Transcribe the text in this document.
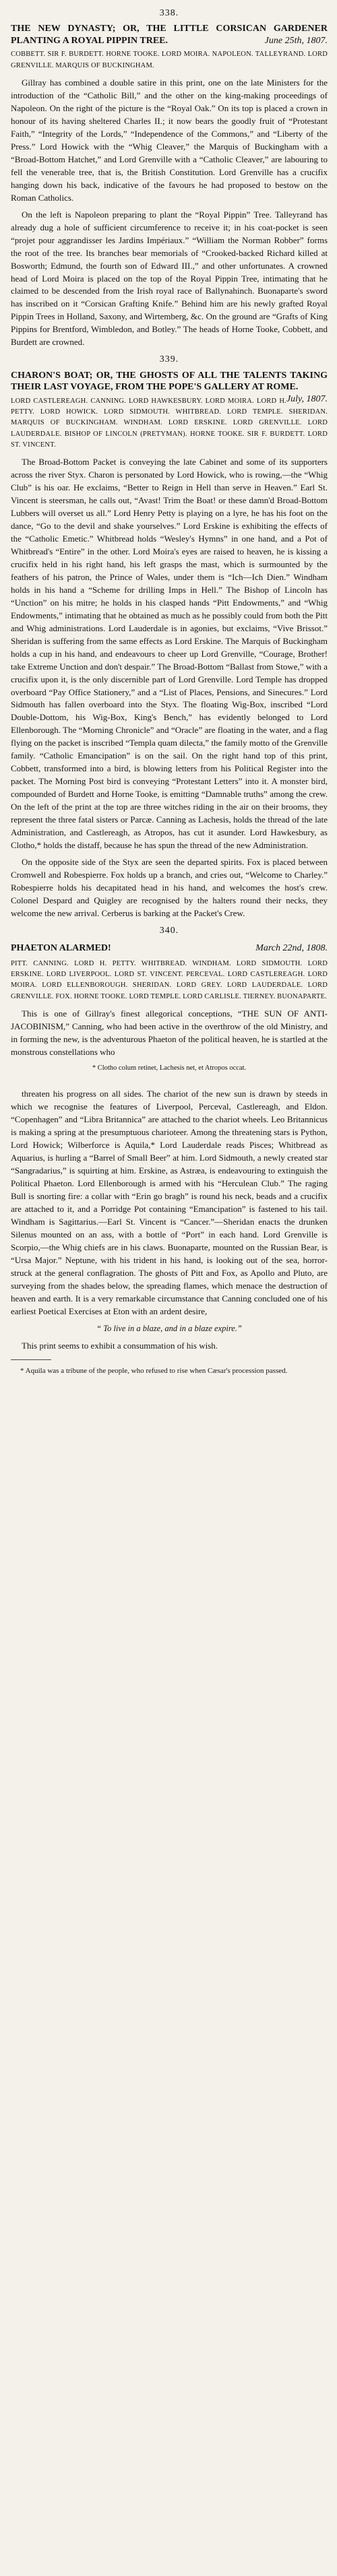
338.
THE NEW DYNASTY; OR, THE LITTLE CORSICAN GARDENER PLANTING A ROYAL PIPPIN TREE.	June 25th, 1807.
COBBETT. SIR F. BURDETT. HORNE TOOKE. LORD MOIRA. NAPOLEON. TALLEYRAND. LORD GRENVILLE. MARQUIS OF BUCKINGHAM.

Gillray has combined a double satire in this print, one on the late Ministers for the introduction of the “Catholic Bill,” and the other on the king-making proceedings of Napoleon. On the right of the picture is the “Royal Oak.” On its top is placed a crown in honour of its having sheltered Charles II.; it now bears the goodly fruit of “Protestant Faith,” “Integrity of the Lords,” “Independence of the Commons,” and “Liberty of the Press.” Lord Howick with the “Whig Cleaver,” the Marquis of Buckingham with a “Broad-Bottom Hatchet,” and Lord Grenville with a “Catholic Cleaver,” are labouring to fell the venerable tree, that is, the British Constitution. Lord Grenville has a crucifix hanging down his back, indicative of the favours he had proposed to bestow on the Roman Catholics.

On the left is Napoleon preparing to plant the “Royal Pippin” Tree. Talleyrand has already dug a hole of sufficient circumference to receive it; in his coat-pocket is seen “projet pour aggrandisser les Jardins Impériaux.” “William the Norman Robber” forms the root of the tree. Its branches bear memorials of “Crooked-backed Richard killed at Bosworth; Edmund, the fourth son of Edward III.,” and other unfortunates. A crowned head of Lord Moira is placed on the top of the Royal Pippin Tree, intimating that he claimed to be descended from the Irish royal race of Ballynahinch. Buonaparte's sword has inscribed on it “Corsican Grafting Knife.” Behind him are his newly grafted Royal Pippin Trees in Holland, Saxony, and Wirtemberg, &c. On the ground are “Grafts of King Pippins for Brentford, Wimbledon, and Botley.” The heads of Horne Tooke, Cobbett, and Burdett are crowned.

339.
CHARON'S BOAT; OR, THE GHOSTS OF ALL THE TALENTS TAKING THEIR LAST VOYAGE, FROM THE POPE'S GALLERY AT ROME.
July, 1807.
LORD CASTLEREAGH. CANNING. LORD HAWKESBURY. LORD MOIRA. LORD H. PETTY. LORD HOWICK. LORD SIDMOUTH. WHITBREAD. LORD TEMPLE. SHERIDAN. MARQUIS OF BUCKINGHAM. WINDHAM. LORD ERSKINE. LORD GRENVILLE. LORD LAUDERDALE. BISHOP OF LINCOLN (PRETYMAN). HORNE TOOKE. SIR F. BURDETT. LORD ST. VINCENT.

The Broad-Bottom Packet is conveying the late Cabinet and some of its supporters across the river Styx. Charon is personated by Lord Howick, who is rowing,—the “Whig Club” is his oar. He exclaims, “Better to Reign in Hell than serve in Heaven.” Earl St. Vincent is steersman, he calls out, “Avast! Trim the Boat! or these damn'd Broad-Bottom Lubbers will overset us all.” Lord Henry Petty is playing on a lyre, he has his foot on the dance, “Go to the devil and shake yourselves.” Lord Erskine is exhibiting the effects of the “Catholic Emetic.” Whitbread holds “Wesley's Hymns” in one hand, and a Pot of Whitbread's “Entire” in the other. Lord Moira's eyes are raised to heaven, he is kissing a crucifix held in his right hand, his left grasps the mast, which is surmounted by the feathers of his patron, the Prince of Wales, under them is “Ich—Ich Dien.” Windham holds in his hand a “Scheme for drilling Imps in Hell.” The Bishop of Lincoln has “Unction” on his mitre; he holds in his clasped hands “Pitt Endowments,” and “Whig Endowments,” intimating that he obtained as much as he possibly could from both the Pitt and Whig administrations. Lord Lauderdale is in agonies, but exclaims, “Vive Brissot.” Sheridan is suffering from the same effects as Lord Erskine. The Marquis of Buckingham holds a cup in his hand, and endeavours to cheer up Lord Grenville, “Courage, Brother! take Extreme Unction and don't despair.” The Broad-Bottom “Ballast from Stowe,” with a crucifix upon it, is the only discernible part of Lord Grenville. Lord Temple has dropped overboard “Pay Office Stationery,” and a “List of Places, Pensions, and Sinecures.” Lord Sidmouth has fallen overboard into the Styx. The floating Wig-Box, inscribed “Lord Doublе-Dottom, his Wig-Box, King's Bench,” has evidently belonged to Lord Ellenborough. The “Morning Chronicle” and “Oracle” are floating in the water, and a flag flying on the packet is inscribed “Templa quam dilecta,” the family motto of the Grenville family. “Catholic Emancipation” is on the sail. On the right hand top of this print, Cobbett, transformed into a bird, is blowing letters from his Political Register into the packet. The Morning Post bird is conveying “Protestant Letters” into it. A monster bird, compounded of Burdett and Horne Tooke, is emitting “Damnable truths” among the crew. On the left of the print at the top are three witches riding in the air on their brooms, they represent the three fatal sisters or Parcæ. Canning as Lachesis, holds the thread of the late Administration, and Castlereagh, as Atropos, has cut it asunder. Lord Hawkesbury, as Clotho,* holds the distaff, because he has spun the thread of the new Administration.

On the opposite side of the Styx are seen the departed spirits. Fox is placed between Cromwell and Robespierre. Fox holds up a branch, and cries out, “Welcome to Charley.” Robespierre holds his decapitated head in his hand, and welcomes the host's crew. Colonel Despard and Quigley are recognised by the halters round their necks, they welcome the new arrival. Cerberus is barking at the Packet's Crew.

340.
PHAETON ALARMED!	March 22nd, 1808.
PITT. CANNING. LORD H. PETTY. WHITBREAD. WINDHAM. LORD SIDMOUTH. LORD ERSKINE. LORD LIVERPOOL. LORD ST. VINCENT. PERCEVAL. LORD CASTLEREAGH. LORD MOIRA. LORD ELLENBOROUGH. SHERIDAN. LORD GREY. LORD LAUDERDALE. LORD GRENVILLE. FOX. HORNE TOOKE. LORD TEMPLE. LORD CARLISLE. TIERNEY. BUONAPARTE.

This is one of Gillray's finest allegorical conceptions, “THE SUN OF ANTI-JACOBINISM,” Canning, who had been active in the overthrow of the old Ministry, and in forming the new, is the adventurous Phaeton of the political heaven, he is startled at the monstrous constellations who

* Clotho colum retinet, Lachesis net, et Atropos occat.

threaten his progress on all sides. The chariot of the new sun is drawn by steeds in which we recognise the features of Liverpool, Perceval, Castlereagh, and Eldon. “Copenhagen” and “Libra Britannica” are attached to the chariot wheels. Leo Britannicus is making a spring at the presumptuous charioteer. Among the threatening stars is Python, Lord Howick; Wilberforce is Aquila,* Lord Lauderdale reads Pisces; Whitbread as Aquarius, is hurling a “Barrel of Small Beer” at him. Lord Sidmouth, a newly created star “Sangradarius,” is squirting at him. Erskine, as Astræa, is endeavouring to extinguish the Political Phaeton. Lord Ellenborough is armed with his “Herculean Club.” The raging Bull is snorting fire: a collar with “Erin go bragh” is round his neck, beads and a crucifix are attached to it, and a Porridge Pot containing “Emancipation” is fastened to his tail. Windham is Sagittarius.—Earl St. Vincent is “Cancer.”—Sheridan enacts the drunken Silenus mounted on an ass, with a bottle of “Port” in each hand. Lord Grenville is Scorpio,—the Whig chiefs are in his claws. Buonaparte, mounted on the Russian Bear, is “Ursa Major.” Neptune, with his trident in his hand, is looking out of the sea, horror-struck at the general conflagration. The ghosts of Pitt and Fox, as Apollo and Pluto, are surveying from the shades below, the spreading flames, which menace the destruction of heaven and earth. It is a very remarkable circumstance that Canning concluded one of his earliest Poetical Exercises at Eton with an ardent desire,

“ To live in a blaze, and in a blaze expire.”

This print seems to exhibit a consummation of his wish.

* Aquila was a tribune of the people, who refused to rise when Cæsar's procession passed.
